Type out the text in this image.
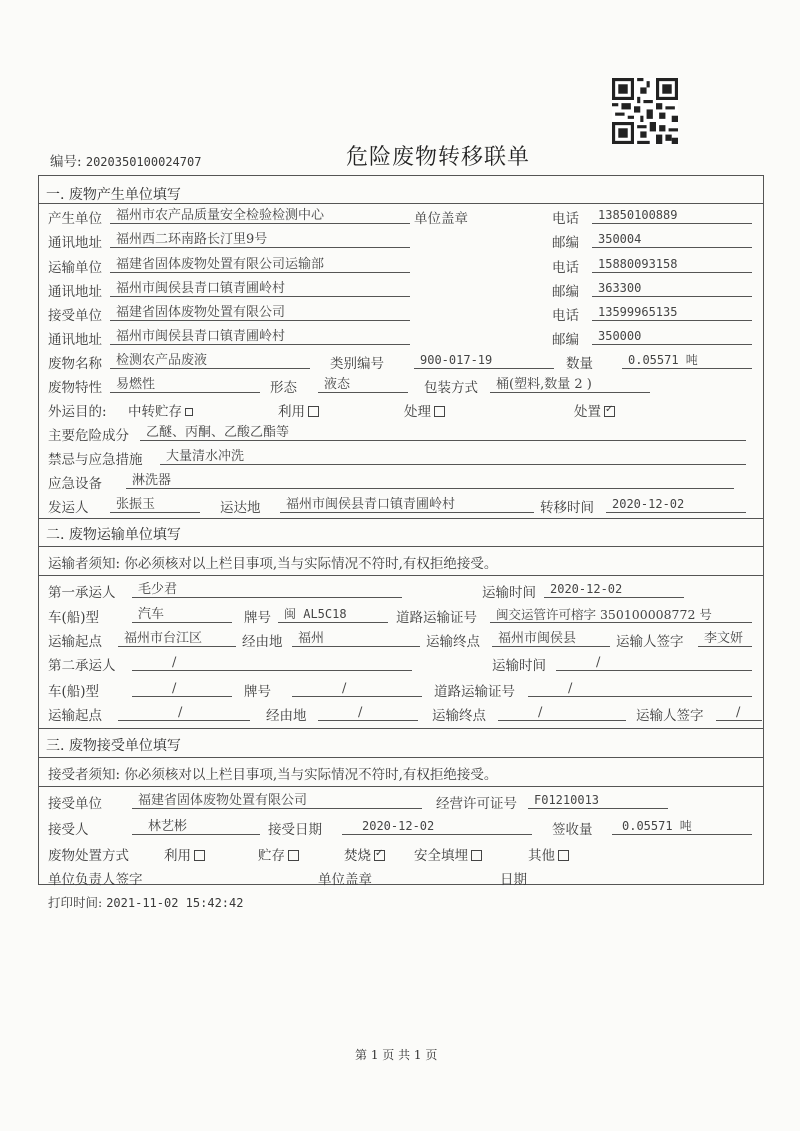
编号: 2020350100024707	危险废物转移联单
一. 废物产生单位填写
产生单位	福州市农产品质量安全检验检测中心	单位盖章	电话	13850100889
通讯地址	福州西二环南路长汀里9号	邮编	350004
运输单位	福建省固体废物处置有限公司运输部	电话	15880093158
通讯地址	福州市闽侯县青口镇青圃岭村	邮编	363300
接受单位	福建省固体废物处置有限公司	电话	13599965135
通讯地址	福州市闽侯县青口镇青圃岭村	邮编	350000
废物名称	检测农产品废液	类别编号	900-017-19	数量	0.05571 吨
废物特性	易燃性	形态	液态	包装方式	桶(塑料,数量 2 )
外运目的: 中转贮存	利用	处理	处置✓
主要危险成分	乙醚、丙酮、乙酸乙酯等
禁忌与应急措施	大量清水冲洗
应急设备	淋洗器
发运人	张振玉	运达地	福州市闽侯县青口镇青圃岭村	转移时间	2020-12-02
二. 废物运输单位填写
运输者须知: 你必须核对以上栏目事项,当与实际情况不符时,有权拒绝接受。
第一承运人	毛少君	运输时间	2020-12-02
车(船)型	汽车	牌号	闽 AL5C18	道路运输证号	闽交运管许可榕字 350100008772 号
运输起点	福州市台江区	经由地	福州	运输终点	福州市闽侯县	运输人签字	李文妍
第二承运人	/	运输时间	/
车(船)型	/	牌号	/	道路运输证号	/
运输起点	/	经由地	/	运输终点	/	运输人签字	/
三. 废物接受单位填写
接受者须知: 你必须核对以上栏目事项,当与实际情况不符时,有权拒绝接受。
接受单位	福建省固体废物处置有限公司	经营许可证号	F01210013
接受人	林艺彬	接受日期	2020-12-02	签收量	0.05571 吨
废物处置方式	利用	贮存	焚烧✓	安全填埋	其他
单位负责人签字	单位盖章	日期
打印时间: 2021-11-02 15:42:42
第 1 页 共 1 页
